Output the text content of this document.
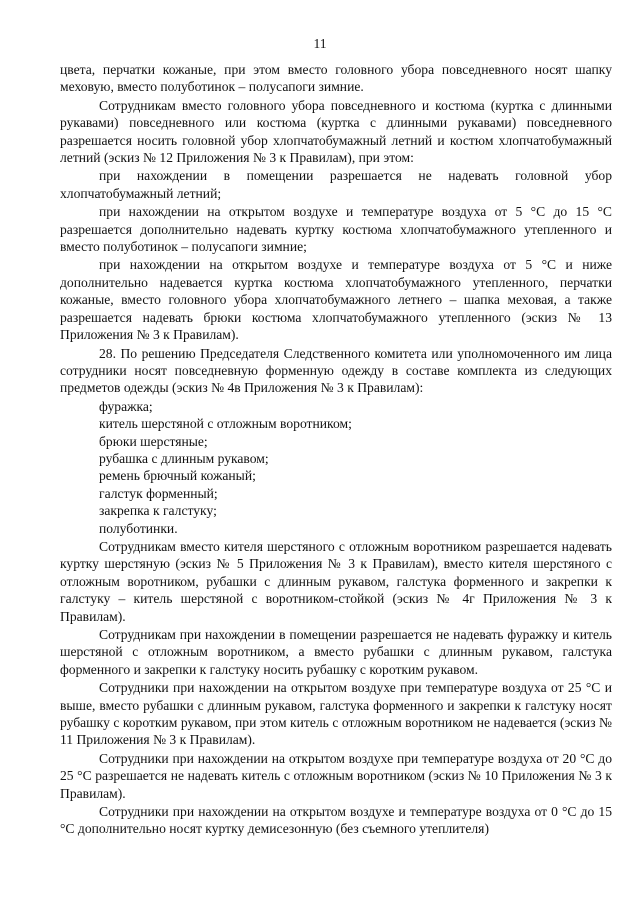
11

цвета, перчатки кожаные, при этом вместо головного убора повседневного носят шапку меховую, вместо полуботинок – полусапоги зимние.

Сотрудникам вместо головного убора повседневного и костюма (куртка с длинными рукавами) повседневного или костюма (куртка с длинными рукавами) повседневного разрешается носить головной убор хлопчатобумажный летний и костюм хлопчатобумажный летний (эскиз № 12 Приложения № 3 к Правилам), при этом:

при нахождении в помещении разрешается не надевать головной убор хлопчатобумажный летний;

при нахождении на открытом воздухе и температуре воздуха от 5 °С до 15 °С разрешается дополнительно надевать куртку костюма хлопчатобумажного утепленного и вместо полуботинок – полусапоги зимние;

при нахождении на открытом воздухе и температуре воздуха от 5 °С и ниже дополнительно надевается куртка костюма хлопчатобумажного утепленного, перчатки кожаные, вместо головного убора хлопчатобумажного летнего – шапка меховая, а также разрешается надевать брюки костюма хлопчатобумажного утепленного (эскиз № 13 Приложения № 3 к Правилам).

28. По решению Председателя Следственного комитета или уполномоченного им лица сотрудники носят повседневную форменную одежду в составе комплекта из следующих предметов одежды (эскиз № 4в Приложения № 3 к Правилам):

фуражка;

китель шерстяной с отложным воротником;

брюки шерстяные;

рубашка с длинным рукавом;

ремень брючный кожаный;

галстук форменный;

закрепка к галстуку;

полуботинки.

Сотрудникам вместо кителя шерстяного с отложным воротником разрешается надевать куртку шерстяную (эскиз № 5 Приложения № 3 к Правилам), вместо кителя шерстяного с отложным воротником, рубашки с длинным рукавом, галстука форменного и закрепки к галстуку – китель шерстяной с воротником-стойкой (эскиз № 4г Приложения № 3 к Правилам).

Сотрудникам при нахождении в помещении разрешается не надевать фуражку и китель шерстяной с отложным воротником, а вместо рубашки с длинным рукавом, галстука форменного и закрепки к галстуку носить рубашку с коротким рукавом.

Сотрудники при нахождении на открытом воздухе при температуре воздуха от 25 °С и выше, вместо рубашки с длинным рукавом, галстука форменного и закрепки к галстуку носят рубашку с коротким рукавом, при этом китель с отложным воротником не надевается (эскиз № 11 Приложения № 3 к Правилам).

Сотрудники при нахождении на открытом воздухе при температуре воздуха от 20 °С до 25 °С разрешается не надевать китель с отложным воротником (эскиз № 10 Приложения № 3 к Правилам).

Сотрудники при нахождении на открытом воздухе и температуре воздуха от 0 °С до 15 °С дополнительно носят куртку демисезонную (без съемного утеплителя)
